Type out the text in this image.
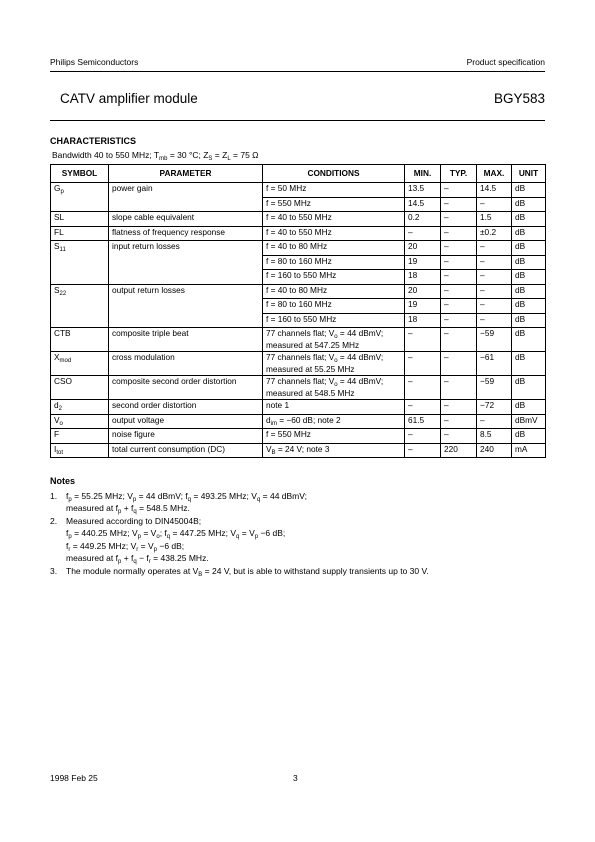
Philips Semiconductors	Product specification
CATV amplifier module	BGY583
CHARACTERISTICS
Bandwidth 40 to 550 MHz; $T_{mb} = 30$ °C; $Z_S = Z_L = 75$ Ω
SYMBOL	PARAMETER	CONDITIONS	MIN.	TYP.	MAX.	UNIT
$G_p$	power gain	f = 50 MHz	13.5	–	14.5	dB
		f = 550 MHz	14.5	–	–	dB
SL	slope cable equivalent	f = 40 to 550 MHz	0.2	–	1.5	dB
FL	flatness of frequency response	f = 40 to 550 MHz	–	–	±0.2	dB
$S_{11}$	input return losses	f = 40 to 80 MHz	20	–	–	dB
		f = 80 to 160 MHz	19	–	–	dB
		f = 160 to 550 MHz	18	–	–	dB
$S_{22}$	output return losses	f = 40 to 80 MHz	20	–	–	dB
		f = 80 to 160 MHz	19	–	–	dB
		f = 160 to 550 MHz	18	–	–	dB
CTB	composite triple beat	77 channels flat; $V_o = 44$ dBmV;
measured at 547.25 MHz	–	–	−59	dB
$X_{mod}$	cross modulation	77 channels flat; $V_o = 44$ dBmV;
measured at 55.25 MHz	–	–	−61	dB
CSO	composite second order distortion	77 channels flat; $V_o = 44$ dBmV;
measured at 548.5 MHz	–	–	−59	dB
$d_2$	second order distortion	note 1	–	–	−72	dB
$V_o$	output voltage	$d_{im} = -60$ dB; note 2	61.5	–	–	dBmV
F	noise figure	f = 550 MHz	–	–	8.5	dB
$I_{tot}$	total current consumption (DC)	$V_B = 24$ V; note 3	–	220	240	mA
Notes
1. $f_p = 55.25$ MHz; $V_p = 44$ dBmV; $f_q = 493.25$ MHz; $V_q = 44$ dBmV;
measured at $f_p + f_q = 548.5$ MHz.
2. Measured according to DIN45004B;
$f_p = 440.25$ MHz; $V_p = V_o$; $f_q = 447.25$ MHz; $V_q = V_p -6$ dB;
$f_r = 449.25$ MHz; $V_r = V_p -6$ dB;
measured at $f_p + f_q - f_r = 438.25$ MHz.
3. The module normally operates at $V_B = 24$ V, but is able to withstand supply transients up to 30 V.
1998 Feb 25	3
